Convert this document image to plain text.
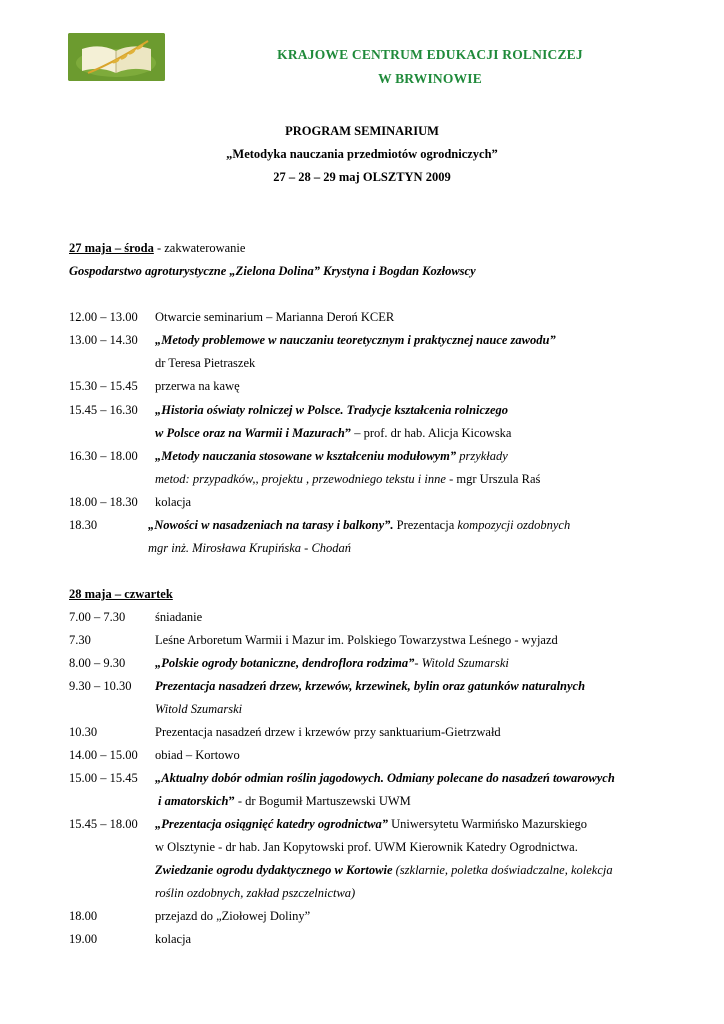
KRAJOWE CENTRUM EDUKACJI ROLNICZEJ
W BRWINOWIE
PROGRAM SEMINARIUM
„Metodyka nauczania przedmiotów ogrodniczych”
27 – 28 – 29 maj OLSZTYN 2009
27 maja – środa - zakwaterowanie
Gospodarstwo agroturystyczne „Zielona Dolina” Krystyna i Bogdan Kozłowscy
12.00 – 13.00 Otwarcie seminarium – Marianna Deroń KCER
13.00 – 14.30 „Metody problemowe w nauczaniu teoretycznym i praktycznej nauce zawodu”
dr Teresa Pietraszek
15.30 – 15.45 przerwa na kawę
15.45 – 16.30 „Historia oświaty rolniczej w Polsce. Tradycje kształcenia rolniczego
w Polsce oraz na Warmii i Mazurach” – prof. dr hab. Alicja Kicowska
16.30 – 18.00 „Metody nauczania stosowane w kształceniu modułowym” przykłady
metod: przypadków,, projektu , przewodniego tekstu i inne - mgr Urszula Raś
18.00 – 18.30 kolacja
18.30	„Nowości w nasadzeniach na tarasy i balkony”. Prezentacja kompozycji ozdobnych
mgr inż. Mirosława Krupińska - Chodań
28 maja – czwartek
7.00 – 7.30 śniadanie
7.30	Leśne Arboretum Warmii i Mazur im. Polskiego Towarzystwa Leśnego - wyjazd
8.00 – 9.30 „Polskie ogrody botaniczne, dendroflora rodzima”- Witold Szumarski
9.30 – 10.30 Prezentacja nasadzeń drzew, krzewów, krzewinek, bylin oraz gatunków naturalnych
Witold Szumarski
10.30	Prezentacja nasadzeń drzew i krzewów przy sanktuarium-Gietrzwałd
14.00 – 15.00 obiad – Kortowo
15.00 – 15.45 „Aktualny dobór odmian roślin jagodowych. Odmiany polecane do nasadzeń towarowych
i amatorskich” - dr Bogumił Martuszewski UWM
15.45 – 18.00 „Prezentacja osiągnięć katedry ogrodnictwa” Uniwersytetu Warmińsko Mazurskiego
w Olsztynie - dr hab. Jan Kopytowski prof. UWM Kierownik Katedry Ogrodnictwa.
Zwiedzanie ogrodu dydaktycznego w Kortowie (szklarnie, poletka doświadczalne, kolekcja
roślin ozdobnych, zakład pszczelnictwa)
18.00	przejazd do „Ziołowej Doliny”
19.00	kolacja
